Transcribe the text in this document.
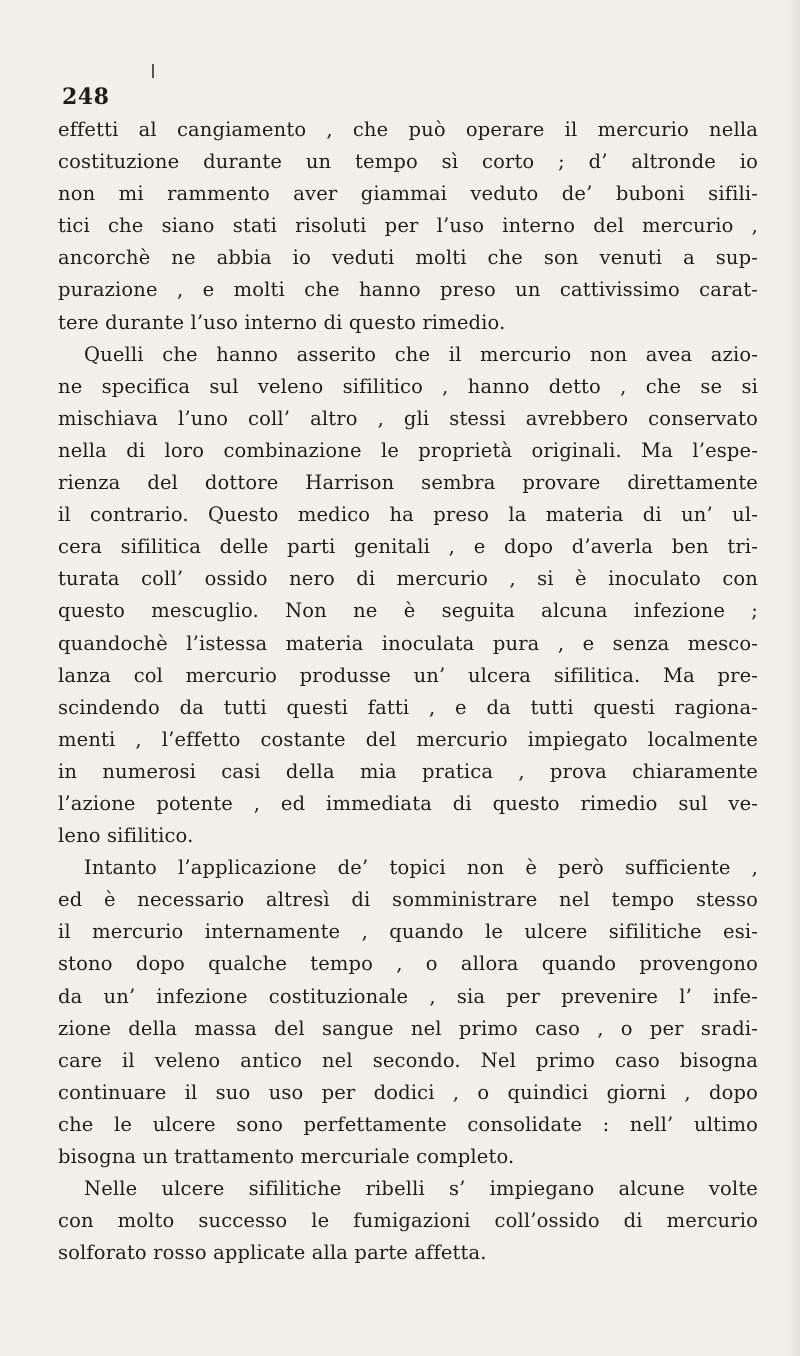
248
effetti al cangiamento , che può operare il mercurio nella
costituzione durante un tempo sì corto ; d’ altronde io
non mi rammento aver giammai veduto de’ buboni sifili-
tici che siano stati risoluti per l’uso interno del mercurio ,
ancorchè ne abbia io veduti molti che son venuti a sup-
purazione , e molti che hanno preso un cattivissimo carat-
tere durante l’uso interno di questo rimedio.
Quelli che hanno asserito che il mercurio non avea azio-
ne specifica sul veleno sifilitico , hanno detto , che se si
mischiava l’uno coll’ altro , gli stessi avrebbero conservato
nella di loro combinazione le proprietà originali. Ma l’espe-
rienza del dottore Harrison sembra provare direttamente
il contrario. Questo medico ha preso la materia di un’ ul-
cera sifilitica delle parti genitali , e dopo d’averla ben tri-
turata coll’ ossido nero di mercurio , si è inoculato con
questo mescuglio. Non ne è seguita alcuna infezione ;
quandochè l’istessa materia inoculata pura , e senza mesco-
lanza col mercurio produsse un’ ulcera sifilitica. Ma pre-
scindendo da tutti questi fatti , e da tutti questi ragiona-
menti , l’effetto costante del mercurio impiegato localmente
in numerosi casi della mia pratica , prova chiaramente
l’azione potente , ed immediata di questo rimedio sul ve-
leno sifilitico.
Intanto l’applicazione de’ topici non è però sufficiente ,
ed è necessario altresì di somministrare nel tempo stesso
il mercurio internamente , quando le ulcere sifilitiche esi-
stono dopo qualche tempo , o allora quando provengono
da un’ infezione costituzionale , sia per prevenire l’ infe-
zione della massa del sangue nel primo caso , o per sradi-
care il veleno antico nel secondo. Nel primo caso bisogna
continuare il suo uso per dodici , o quindici giorni , dopo
che le ulcere sono perfettamente consolidate : nell’ ultimo
bisogna un trattamento mercuriale completo.
Nelle ulcere sifilitiche ribelli s’ impiegano alcune volte
con molto successo le fumigazioni coll’ossido di mercurio
solforato rosso applicate alla parte affetta.
